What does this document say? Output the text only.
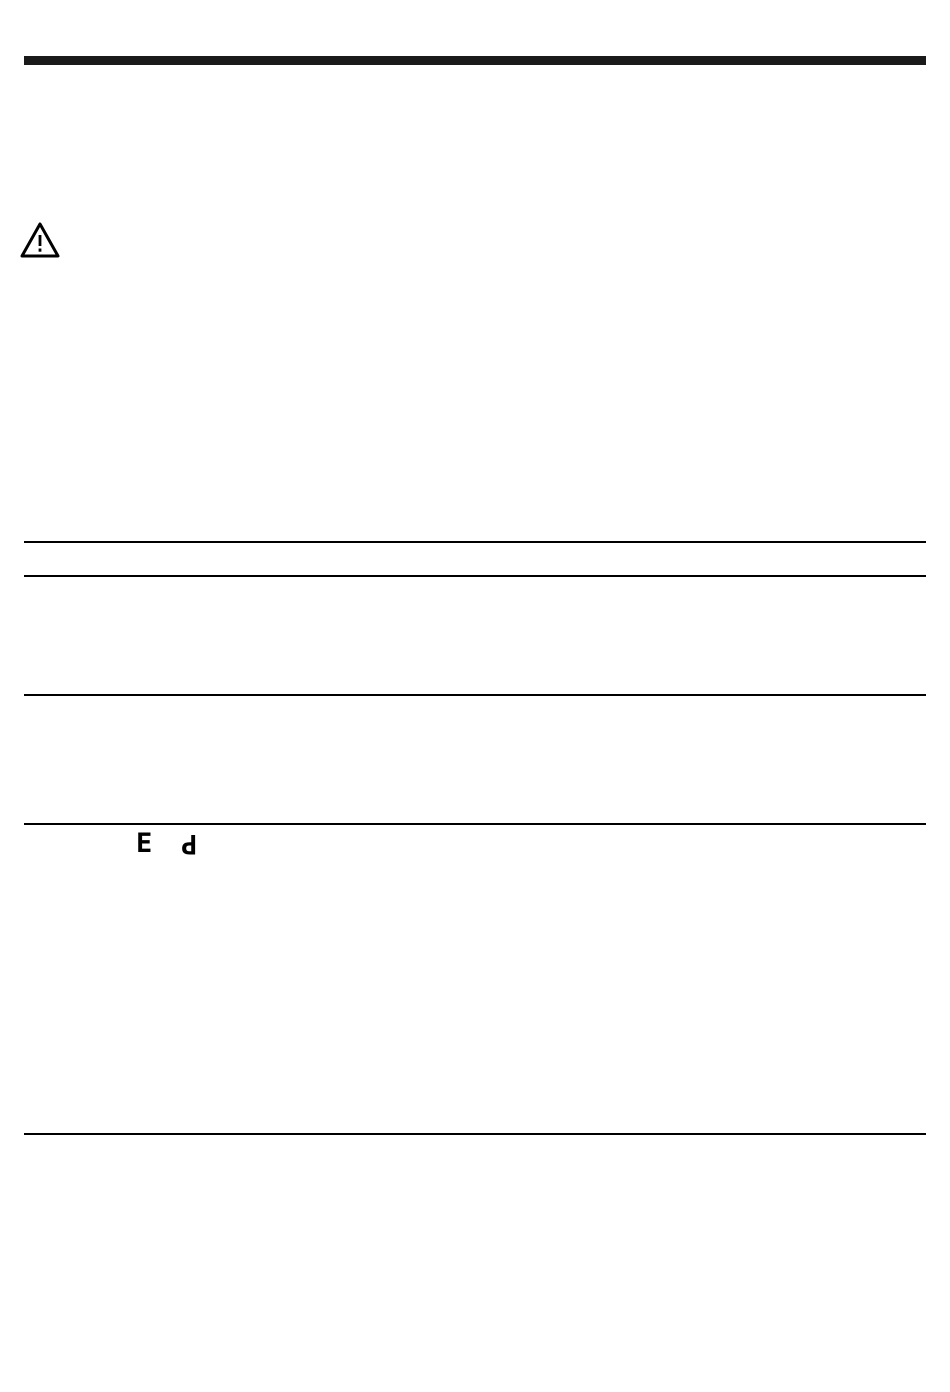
E P
